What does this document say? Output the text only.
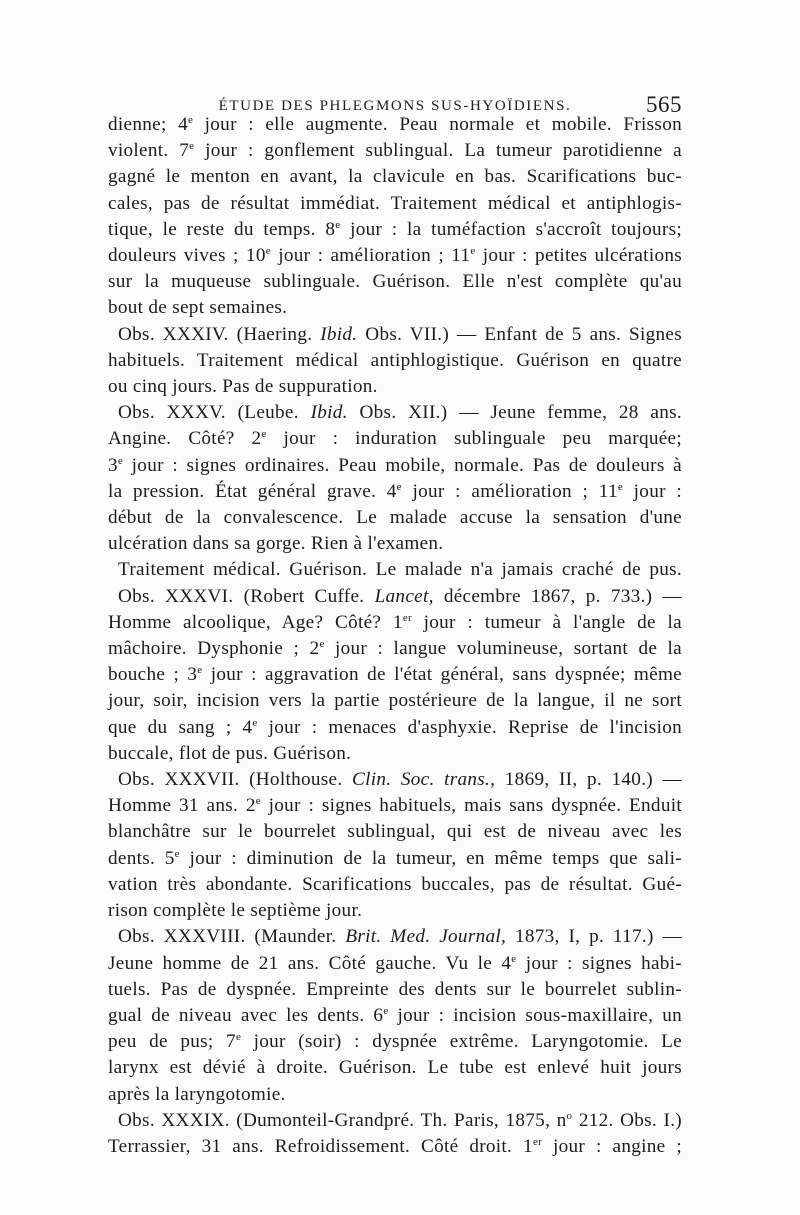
ÉTUDE DES PHLEGMONS SUS-HYOÏDIENS.	565
dienne; 4e jour : elle augmente. Peau normale et mobile. Frisson
violent. 7e jour : gonflement sublingual. La tumeur parotidienne a
gagné le menton en avant, la clavicule en bas. Scarifications buc-
cales, pas de résultat immédiat. Traitement médical et antiphlogis-
tique, le reste du temps. 8e jour : la tuméfaction s'accroît toujours;
douleurs vives ; 10e jour : amélioration ; 11e jour : petites ulcérations
sur la muqueuse sublinguale. Guérison. Elle n'est complète qu'au
bout de sept semaines.
Obs. XXXIV. (Haering. Ibid. Obs. VII.) — Enfant de 5 ans. Signes
habituels. Traitement médical antiphlogistique. Guérison en quatre
ou cinq jours. Pas de suppuration.
Obs. XXXV. (Leube. Ibid. Obs. XII.) — Jeune femme, 28 ans.
Angine. Côté? 2e jour : induration sublinguale peu marquée;
3e jour : signes ordinaires. Peau mobile, normale. Pas de douleurs à
la pression. État général grave. 4e jour : amélioration ; 11e jour :
début de la convalescence. Le malade accuse la sensation d'une
ulcération dans sa gorge. Rien à l'examen.
Traitement médical. Guérison. Le malade n'a jamais craché de pus.
Obs. XXXVI. (Robert Cuffe. Lancet, décembre 1867, p. 733.) —
Homme alcoolique, Age? Côté? 1er jour : tumeur à l'angle de la
mâchoire. Dysphonie ; 2e jour : langue volumineuse, sortant de la
bouche ; 3e jour : aggravation de l'état général, sans dyspnée; même
jour, soir, incision vers la partie postérieure de la langue, il ne sort
que du sang ; 4e jour : menaces d'asphyxie. Reprise de l'incision
buccale, flot de pus. Guérison.
Obs. XXXVII. (Holthouse. Clin. Soc. trans., 1869, II, p. 140.) —
Homme 31 ans. 2e jour : signes habituels, mais sans dyspnée. Enduit
blanchâtre sur le bourrelet sublingual, qui est de niveau avec les
dents. 5e jour : diminution de la tumeur, en même temps que sali-
vation très abondante. Scarifications buccales, pas de résultat. Gué-
rison complète le septième jour.
Obs. XXXVIII. (Maunder. Brit. Med. Journal, 1873, I, p. 117.) —
Jeune homme de 21 ans. Côté gauche. Vu le 4e jour : signes habi-
tuels. Pas de dyspnée. Empreinte des dents sur le bourrelet sublin-
gual de niveau avec les dents. 6e jour : incision sous-maxillaire, un
peu de pus; 7e jour (soir) : dyspnée extrême. Laryngotomie. Le
larynx est dévié à droite. Guérison. Le tube est enlevé huit jours
après la laryngotomie.
Obs. XXXIX. (Dumonteil-Grandpré. Th. Paris, 1875, $n^o$ 212. Obs. I.)
Terrassier, 31 ans. Refroidissement. Côté droit. 1er jour : angine ;
